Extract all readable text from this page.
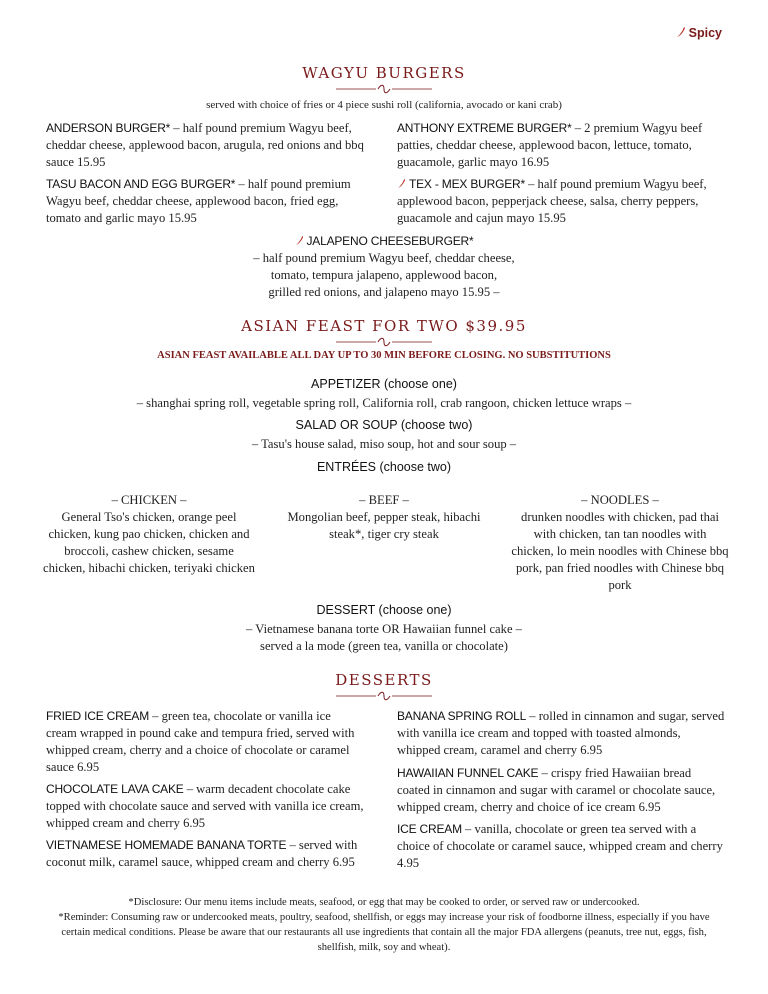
Spicy
WAGYU BURGERS
served with choice of fries or 4 piece sushi roll (california, avocado or kani crab)
ANDERSON BURGER* – half pound premium Wagyu beef, cheddar cheese, applewood bacon, arugula, red onions and bbq sauce 15.95
ANTHONY EXTREME BURGER* – 2 premium Wagyu beef patties, cheddar cheese, applewood bacon, lettuce, tomato, guacamole, garlic mayo 16.95
TASU BACON AND EGG BURGER* – half pound premium Wagyu beef, cheddar cheese, applewood bacon, fried egg, tomato and garlic mayo 15.95
TEX - MEX BURGER* – half pound premium Wagyu beef, applewood bacon, pepperjack cheese, salsa, cherry peppers, guacamole and cajun mayo 15.95
JALAPENO CHEESEBURGER*
– half pound premium Wagyu beef, cheddar cheese,
tomato, tempura jalapeno, applewood bacon,
grilled red onions, and jalapeno mayo 15.95 –
ASIAN FEAST FOR TWO $39.95
ASIAN FEAST AVAILABLE ALL DAY UP TO 30 MIN BEFORE CLOSING. NO SUBSTITUTIONS
APPETIZER (choose one)
– shanghai spring roll, vegetable spring roll, California roll, crab rangoon, chicken lettuce wraps –
SALAD OR SOUP (choose two)
– Tasu's house salad, miso soup, hot and sour soup –
ENTRÉES (choose two)
– CHICKEN –
General Tso's chicken, orange peel chicken, kung pao chicken, chicken and broccoli, cashew chicken, sesame chicken, hibachi chicken, teriyaki chicken
– BEEF –
Mongolian beef, pepper steak, hibachi steak*, tiger cry steak
– NOODLES –
drunken noodles with chicken, pad thai with chicken, tan tan noodles with chicken, lo mein noodles with Chinese bbq pork, pan fried noodles with Chinese bbq pork
DESSERT (choose one)
– Vietnamese banana torte OR Hawaiian funnel cake –
served a la mode (green tea, vanilla or chocolate)
DESSERTS
FRIED ICE CREAM – green tea, chocolate or vanilla ice cream wrapped in pound cake and tempura fried, served with whipped cream, cherry and a choice of chocolate or caramel sauce 6.95
CHOCOLATE LAVA CAKE – warm decadent chocolate cake topped with chocolate sauce and served with vanilla ice cream, whipped cream and cherry 6.95
VIETNAMESE HOMEMADE BANANA TORTE – served with coconut milk, caramel sauce, whipped cream and cherry 6.95
BANANA SPRING ROLL – rolled in cinnamon and sugar, served with vanilla ice cream and topped with toasted almonds, whipped cream, caramel and cherry 6.95
HAWAIIAN FUNNEL CAKE – crispy fried Hawaiian bread coated in cinnamon and sugar with caramel or chocolate sauce, whipped cream, cherry and choice of ice cream 6.95
ICE CREAM – vanilla, chocolate or green tea served with a choice of chocolate or caramel sauce, whipped cream and cherry 4.95
*Disclosure: Our menu items include meats, seafood, or egg that may be cooked to order, or served raw or undercooked.
*Reminder: Consuming raw or undercooked meats, poultry, seafood, shellfish, or eggs may increase your risk of foodborne illness, especially if you have certain medical conditions. Please be aware that our restaurants all use ingredients that contain all the major FDA allergens (peanuts, tree nut, eggs, fish, shellfish, milk, soy and wheat).
